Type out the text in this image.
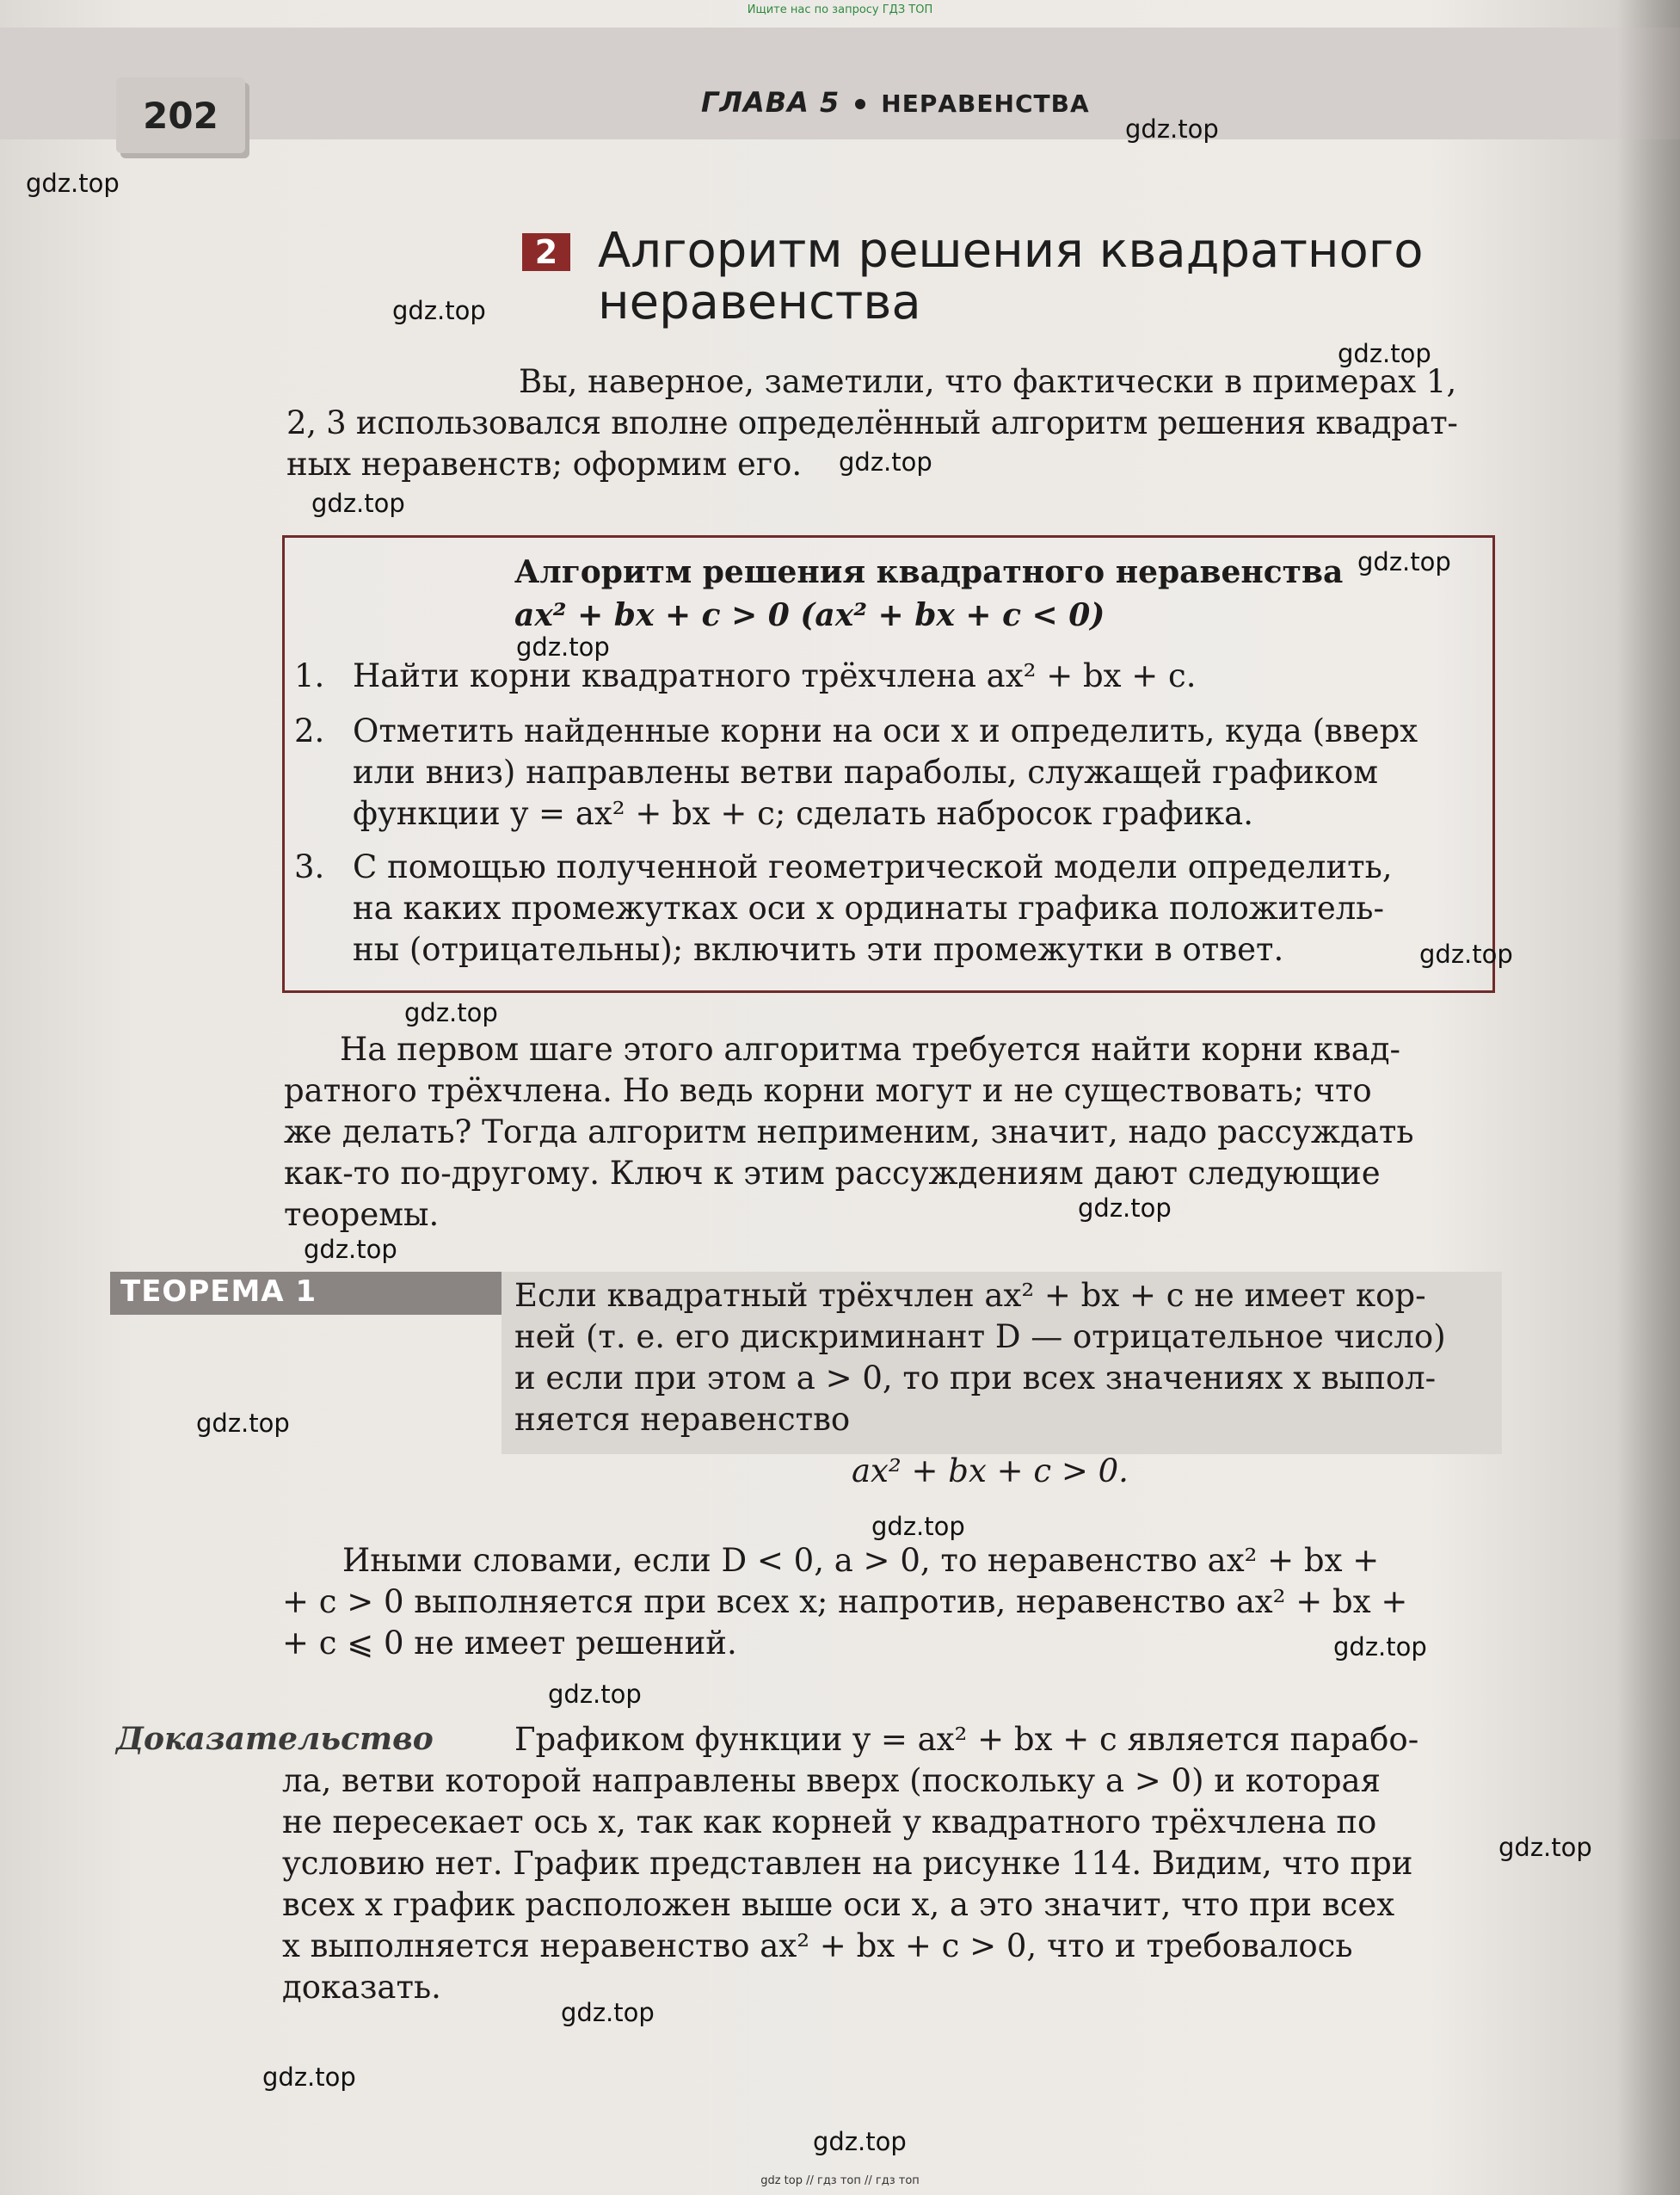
Ищите нас по запросу ГДЗ ТОП
202	ГЛАВА 5 НЕРАВЕНСТВА
2 Алгоритм решения квадратного
неравенства
Вы, наверное, заметили, что фактически в примерах 1,
2, 3 использовался вполне определённый алгоритм решения квадрат-
ных неравенств; оформим его.
Алгоритм решения квадратного неравенства
ax² + bx + c > 0 (ax² + bx + c < 0)
1. Найти корни квадратного трёхчлена ax² + bx + c.
2. Отметить найденные корни на оси x и определить, куда (вверх
или вниз) направлены ветви параболы, служащей графиком
функции y = ax² + bx + c; сделать набросок графика.
3. С помощью полученной геометрической модели определить,
на каких промежутках оси x ординаты графика положитель-
ны (отрицательны); включить эти промежутки в ответ.
На первом шаге этого алгоритма требуется найти корни квад-
ратного трёхчлена. Но ведь корни могут и не существовать; что
же делать? Тогда алгоритм неприменим, значит, надо рассуждать
как-то по-другому. Ключ к этим рассуждениям дают следующие
теоремы.
ТЕОРЕМА 1	Если квадратный трёхчлен ax² + bx + c не имеет кор-
ней (т. е. его дискриминант D — отрицательное число)
и если при этом a > 0, то при всех значениях x выпол-
няется неравенство
ax² + bx + c > 0.
Иными словами, если D < 0, a > 0, то неравенство ax² + bx +
+ c > 0 выполняется при всех x; напротив, неравенство ax² + bx +
+ c ⩽ 0 не имеет решений.
Доказательство	Графиком функции y = ax² + bx + c является парабо-
ла, ветви которой направлены вверх (поскольку a > 0) и которая
не пересекает ось x, так как корней у квадратного трёхчлена по
условию нет. График представлен на рисунке 114. Видим, что при
всех x график расположен выше оси x, а это значит, что при всех
x выполняется неравенство ax² + bx + c > 0, что и требовалось
доказать.
gdz.top
gdz.top
gdz.top
gdz.top
gdz.top
gdz.top
gdz.top
gdz.top
gdz.top
gdz.top
gdz.top
gdz.top
gdz.top
gdz.top
gdz.top
gdz.top
gdz.top
gdz.top
gdz.top
gdz.top
gdz top // гдз топ // гдз топ
